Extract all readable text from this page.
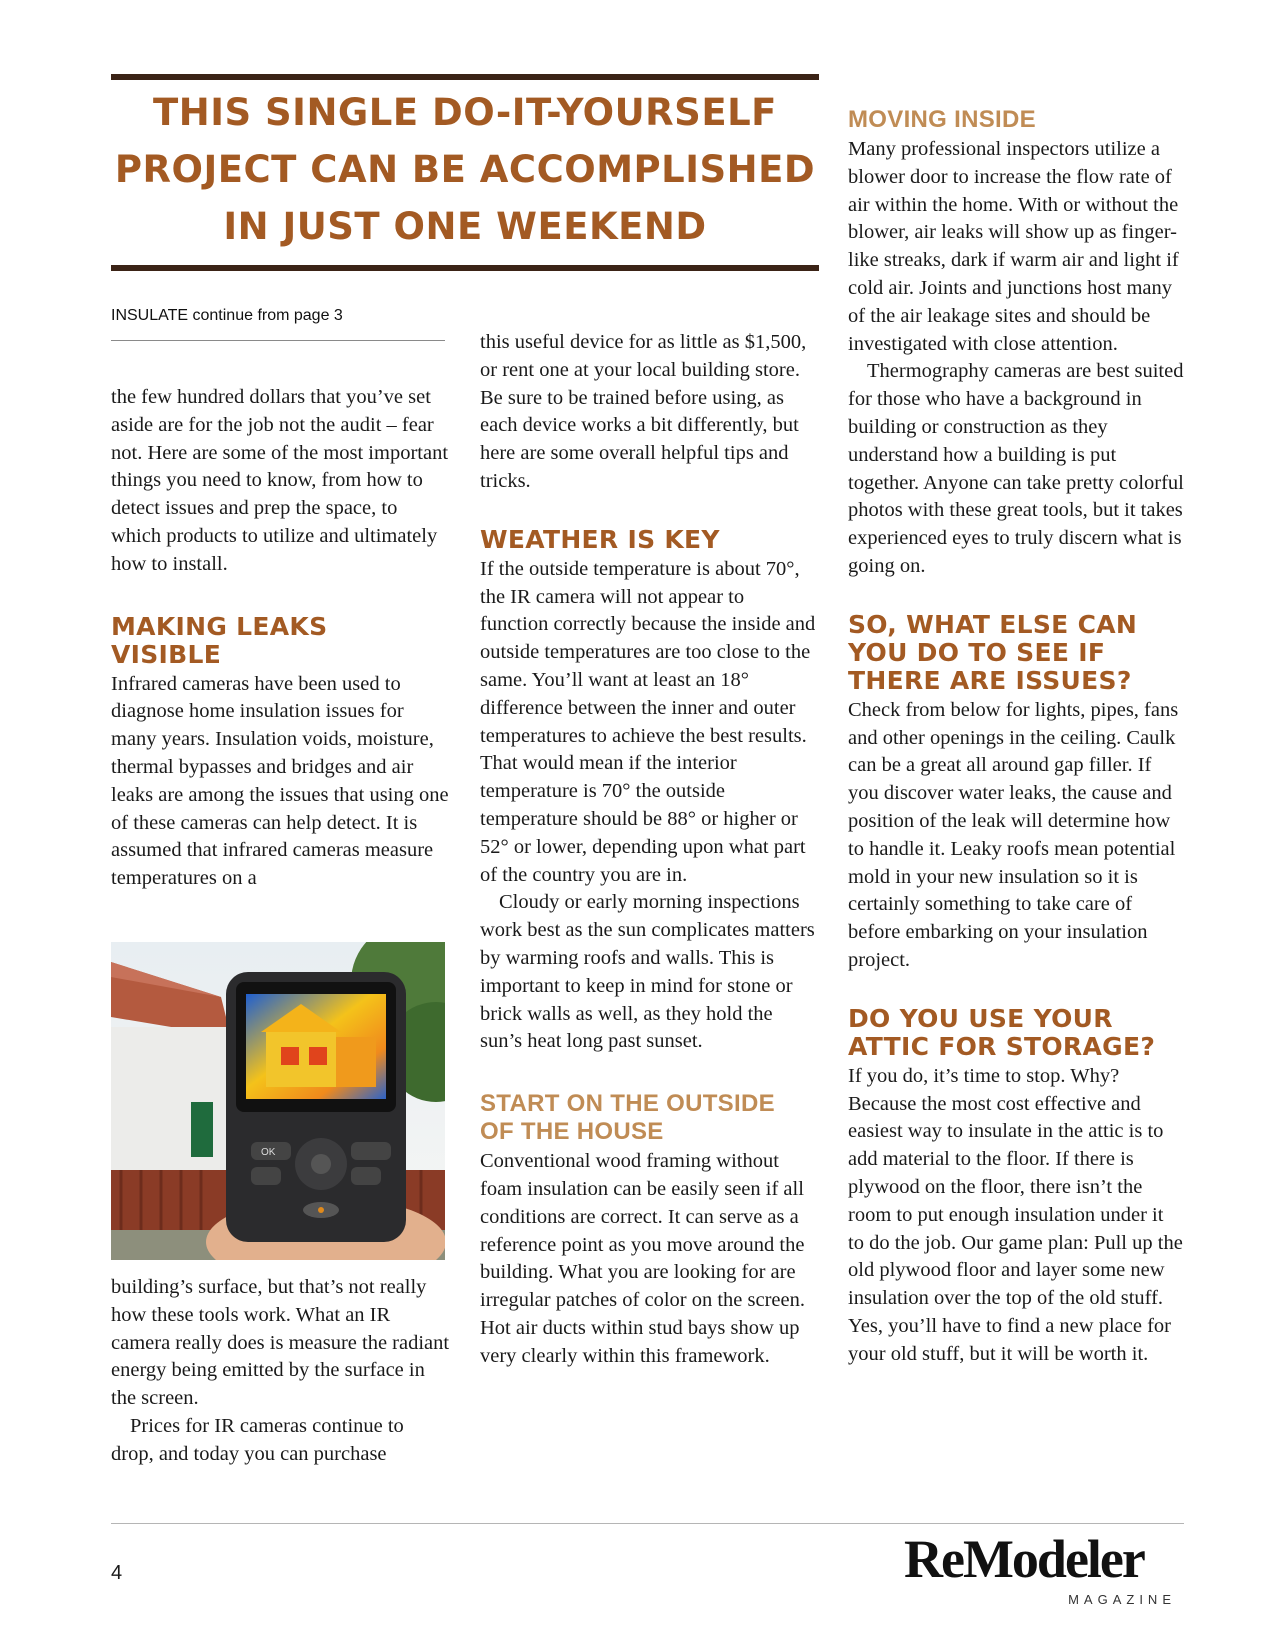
THIS SINGLE DO-IT-YOURSELF
PROJECT CAN BE ACCOMPLISHED
IN JUST ONE WEEKEND
INSULATE continue from page 3

the few hundred dollars that you’ve set aside are for the job not the audit – fear not. Here are some of the most important things you need to know, from how to detect issues and prep the space, to which products to utilize and ultimately how to install.

MAKING LEAKS VISIBLE

Infrared cameras have been used to diagnose home insulation issues for many years. Insulation voids, moisture, thermal bypasses and bridges and air leaks are among the issues that using one of these cameras can help detect. It is assumed that infrared cameras measure temperatures on a

OK

building’s surface, but that’s not really how these tools work. What an IR camera really does is measure the radiant energy being emitted by the surface in the screen.

Prices for IR cameras continue to drop, and today you can purchase

this useful device for as little as $1,500, or rent one at your local building store. Be sure to be trained before using, as each device works a bit differently, but here are some overall helpful tips and tricks.

WEATHER IS KEY

If the outside temperature is about 70°, the IR camera will not appear to function correctly because the inside and outside temperatures are too close to the same. You’ll want at least an 18° difference between the inner and outer temperatures to achieve the best results. That would mean if the interior temperature is 70° the outside temperature should be 88° or higher or 52° or lower, depending upon what part of the country you are in.

Cloudy or early morning inspections work best as the sun complicates matters by warming roofs and walls. This is important to keep in mind for stone or brick walls as well, as they hold the sun’s heat long past sunset.

START ON THE OUTSIDE OF THE HOUSE

Conventional wood framing without foam insulation can be easily seen if all conditions are correct. It can serve as a reference point as you move around the building. What you are looking for are irregular patches of color on the screen. Hot air ducts within stud bays show up very clearly within this framework.

MOVING INSIDE

Many professional inspectors utilize a blower door to increase the flow rate of air within the home. With or without the blower, air leaks will show up as finger-like streaks, dark if warm air and light if cold air. Joints and junctions host many of the air leakage sites and should be investigated with close attention.

Thermography cameras are best suited for those who have a background in building or construction as they understand how a building is put together. Anyone can take pretty colorful photos with these great tools, but it takes experienced eyes to truly discern what is going on.

SO, WHAT ELSE CAN YOU DO TO SEE IF THERE ARE ISSUES?

Check from below for lights, pipes, fans and other openings in the ceiling. Caulk can be a great all around gap filler. If you discover water leaks, the cause and position of the leak will determine how to handle it. Leaky roofs mean potential mold in your new insulation so it is certainly something to take care of before embarking on your insulation project.

DO YOU USE YOUR ATTIC FOR STORAGE?

If you do, it’s time to stop. Why? Because the most cost effective and easiest way to insulate in the attic is to add material to the floor. If there is plywood on the floor, there isn’t the room to put enough insulation under it to do the job. Our game plan: Pull up the old plywood floor and layer some new insulation over the top of the old stuff. Yes, you’ll have to find a new place for your old stuff, but it will be worth it.

4	ReModeler
MAGAZINE
